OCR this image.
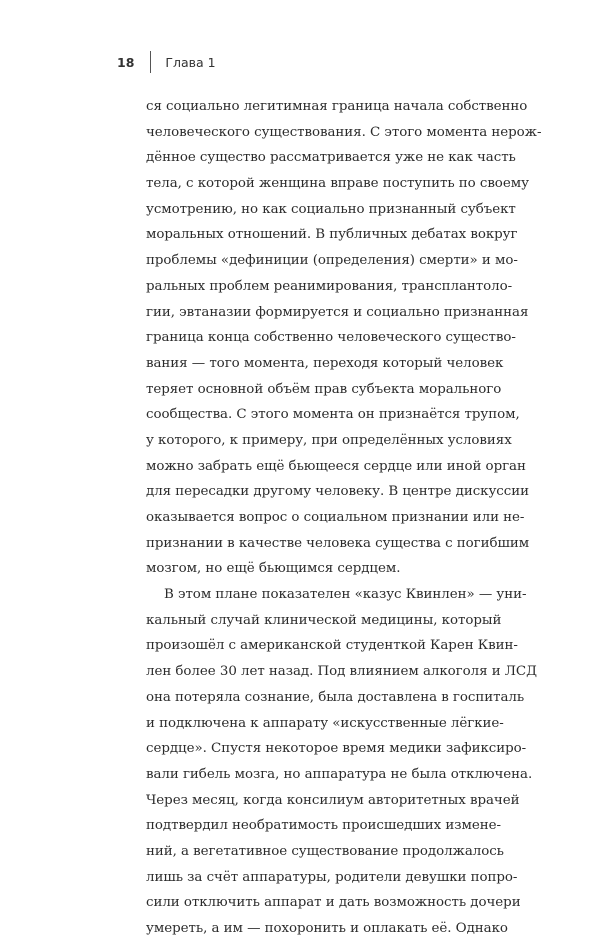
18 Глава 1
ся социально легитимная граница начала собственно
человеческого существования. С этого момента нерож-
дённое существо рассматривается уже не как часть
тела, с которой женщина вправе поступить по своему
усмотрению, но как социально признанный субъект
моральных отношений. В публичных дебатах вокруг
проблемы «дефиниции (определения) смерти» и мо-
ральных проблем реанимирования, трансплантоло-
гии, эвтаназии формируется и социально признанная
граница конца собственно человеческого существо-
вания — того момента, переходя который человек
теряет основной объём прав субъекта морального
сообщества. С этого момента он признаётся трупом,
у которого, к примеру, при определённых условиях
можно забрать ещё бьющееся сердце или иной орган
для пересадки другому человеку. В центре дискуссии
оказывается вопрос о социальном признании или не-
признании в качестве человека существа с погибшим
мозгом, но ещё бьющимся сердцем.
В этом плане показателен «казус Квинлен» — уни-
кальный случай клинической медицины, который
произошёл с американской студенткой Карен Квин-
лен более 30 лет назад. Под влиянием алкоголя и ЛСД
она потеряла сознание, была доставлена в госпиталь
и подключена к аппарату «искусственные лёгкие-
сердце». Спустя некоторое время медики зафиксиро-
вали гибель мозга, но аппаратура не была отключена.
Через месяц, когда консилиум авторитетных врачей
подтвердил необратимость происшедших измене-
ний, а вегетативное существование продолжалось
лишь за счёт аппаратуры, родители девушки попро-
сили отключить аппарат и дать возможность дочери
умереть, а им — похоронить и оплакать её. Однако
